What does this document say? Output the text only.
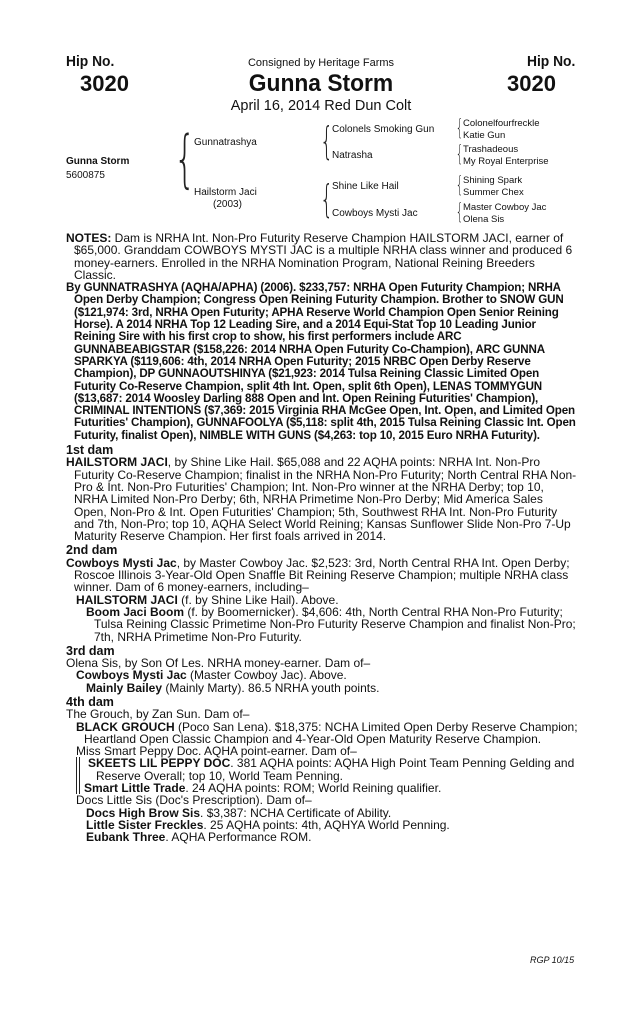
Hip No.
3020
Hip No.
3020
Consigned by Heritage Farms
Gunna Storm
April 16, 2014 Red Dun Colt
Gunna Storm
5600875 {
Gunnatrashya
Hailstorm Jaci
(2003)
{
Colonels Smoking Gun
Natrasha
{
Shine Like Hail
Cowboys Mysti Jac
{ Colonelfourfreckle
Katie Gun
{ Trashadeous
My Royal Enterprise
{ Shining Spark
Summer Chex
{ Master Cowboy Jac
Olena Sis

NOTES: Dam is NRHA Int. Non-Pro Futurity Reserve Champion HAILSTORM JACI, earner of $65,000. Granddam COWBOYS MYSTI JAC is a multiple NRHA class winner and produced 6 money-earners. Enrolled in the NRHA Nomination Program, National Reining Breeders Classic.

By GUNNATRASHYA (AQHA/APHA) (2006). $233,757: NRHA Open Futurity Champion; NRHA Open Derby Champion; Congress Open Reining Futurity Champion. Brother to SNOW GUN ($121,974: 3rd, NRHA Open Futurity; APHA Reserve World Champion Open Senior Reining Horse). A 2014 NRHA Top 12 Leading Sire, and a 2014 Equi-Stat Top 10 Leading Junior Reining Sire with his first crop to show, his first performers include ARC GUNNABEABIGSTAR ($158,226: 2014 NRHA Open Futurity Co-Champion), ARC GUNNA SPARKYA ($119,606: 4th, 2014 NRHA Open Futurity; 2015 NRBC Open Derby Reserve Champion), DP GUNNAOUTSHINYA ($21,923: 2014 Tulsa Reining Classic Limited Open Futurity Co-Reserve Champion, split 4th Int. Open, split 6th Open), LENAS TOMMYGUN ($13,687: 2014 Woosley Darling 888 Open and Int. Open Reining Futurities' Champion), CRIMINAL INTENTIONS ($7,369: 2015 Virginia RHA McGee Open, Int. Open, and Limited Open Futurities' Champion), GUNNAFOOLYA ($5,118: split 4th, 2015 Tulsa Reining Classic Int. Open Futurity, finalist Open), NIMBLE WITH GUNS ($4,263: top 10, 2015 Euro NRHA Futurity).

1st dam

HAILSTORM JACI, by Shine Like Hail. $65,088 and 22 AQHA points: NRHA Int. Non-Pro Futurity Co-Reserve Champion; finalist in the NRHA Non-Pro Futurity; North Central RHA Non-Pro & Int. Non-Pro Futurities' Champion; Int. Non-Pro winner at the NRHA Derby; top 10, NRHA Limited Non-Pro Derby; 6th, NRHA Primetime Non-Pro Derby; Mid America Sales Open, Non-Pro & Int. Open Futurities' Champion; 5th, Southwest RHA Int. Non-Pro Futurity and 7th, Non-Pro; top 10, AQHA Select World Reining; Kansas Sunflower Slide Non-Pro 7-Up Maturity Reserve Champion. Her first foals arrived in 2014.

2nd dam

Cowboys Mysti Jac, by Master Cowboy Jac. $2,523: 3rd, North Central RHA Int. Open Derby; Roscoe Illinois 3-Year-Old Open Snaffle Bit Reining Reserve Champion; multiple NRHA class winner. Dam of 6 money-earners, including–

HAILSTORM JACI (f. by Shine Like Hail). Above.

Boom Jaci Boom (f. by Boomernicker). $4,606: 4th, North Central RHA Non-Pro Futurity; Tulsa Reining Classic Primetime Non-Pro Futurity Reserve Champion and finalist Non-Pro; 7th, NRHA Primetime Non-Pro Futurity.

3rd dam

Olena Sis, by Son Of Les. NRHA money-earner. Dam of–

Cowboys Mysti Jac (Master Cowboy Jac). Above.

Mainly Bailey (Mainly Marty). 86.5 NRHA youth points.

4th dam

The Grouch, by Zan Sun. Dam of–

BLACK GROUCH (Poco San Lena). $18,375: NCHA Limited Open Derby Reserve Champion; Heartland Open Classic Champion and 4-Year-Old Open Maturity Reserve Champion.

Miss Smart Peppy Doc. AQHA point-earner. Dam of–

SKEETS LIL PEPPY DOC. 381 AQHA points: AQHA High Point Team Penning Gelding and Reserve Overall; top 10, World Team Penning.

Smart Little Trade. 24 AQHA points: ROM; World Reining qualifier.

Docs Little Sis (Doc's Prescription). Dam of–

Docs High Brow Sis. $3,387: NCHA Certificate of Ability.

Little Sister Freckles. 25 AQHA points: 4th, AQHYA World Penning.

Eubank Three. AQHA Performance ROM.

RGP 10/15
